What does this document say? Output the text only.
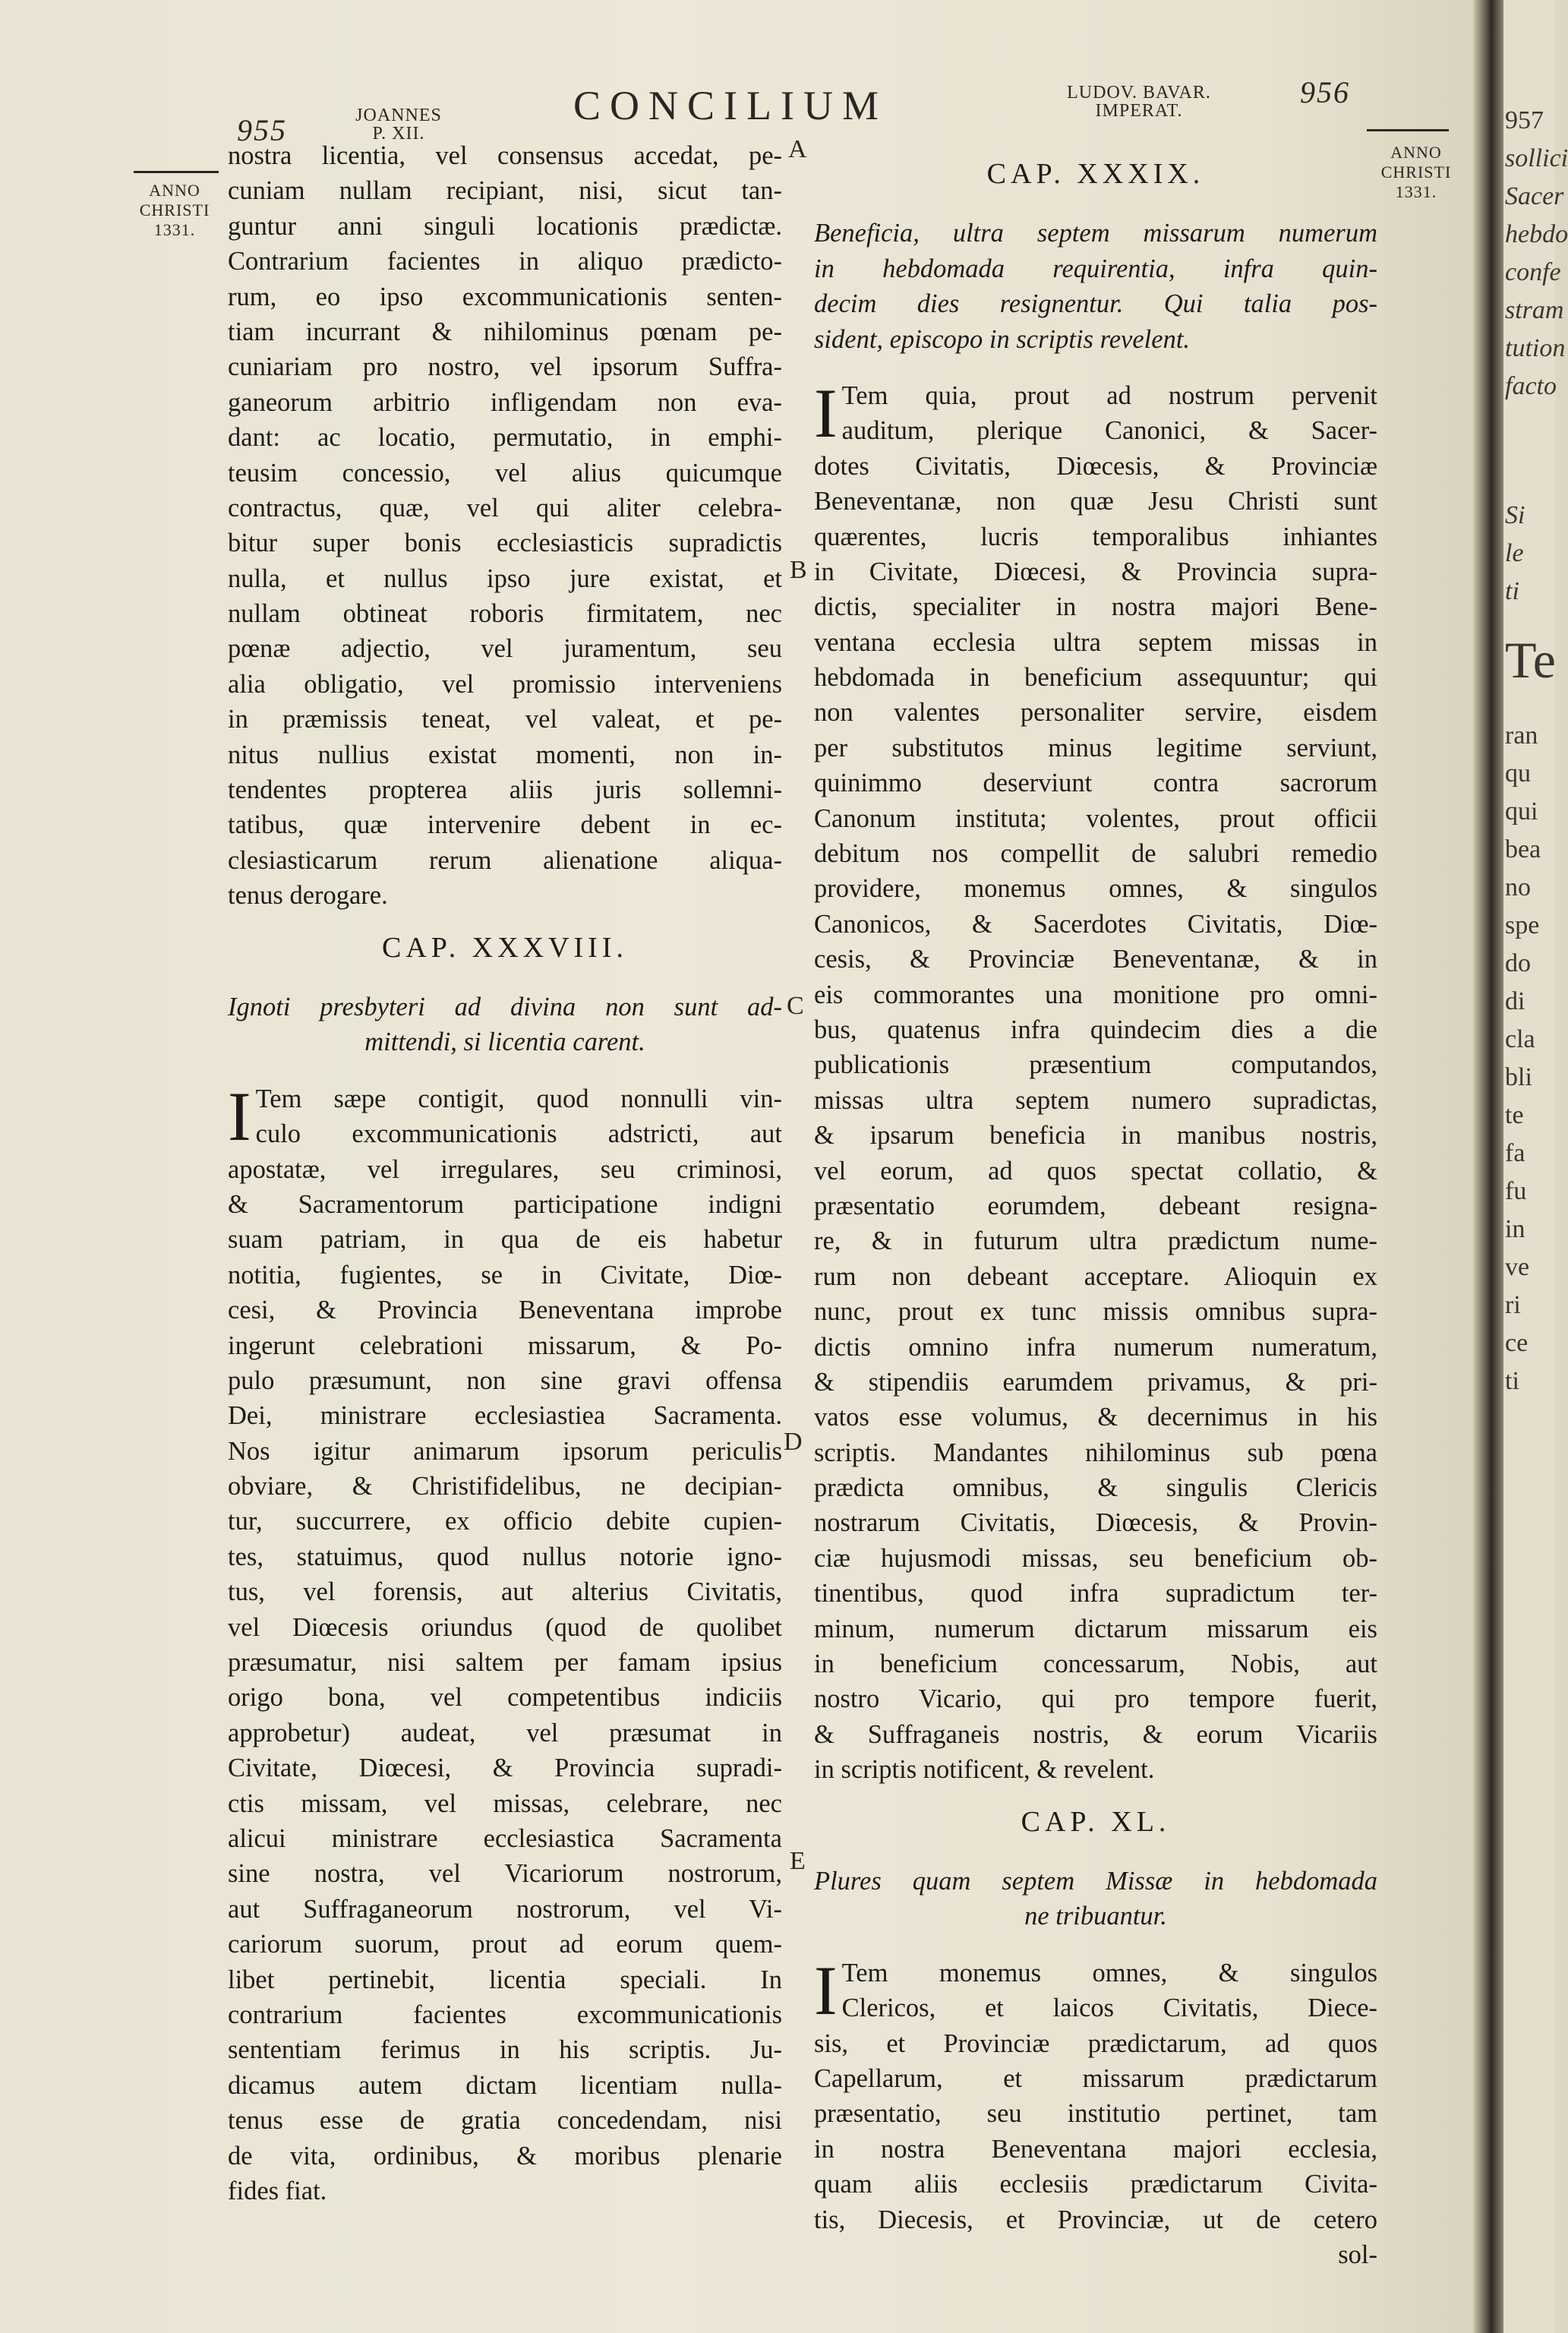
955	JOANNES
P. XII.
CONCILIUM	LUDOV. BAVAR.
IMPERAT.
956
ANNO
CHRISTI
1331.
ANNO
CHRISTI
1331.
A
B
C
D
E
nostra licentia, vel consensus accedat, pe-
cuniam nullam recipiant, nisi, sicut tan-
guntur anni singuli locationis prædictæ.
Contrarium facientes in aliquo prædicto-
rum, eo ipso excommunicationis senten-
tiam incurrant & nihilominus pœnam pe-
cuniariam pro nostro, vel ipsorum Suffra-
ganeorum arbitrio infligendam non eva-
dant: ac locatio, permutatio, in emphi-
teusim concessio, vel alius quicumque
contractus, quæ, vel qui aliter celebra-
bitur super bonis ecclesiasticis supradictis
nulla, et nullus ipso jure existat, et
nullam obtineat roboris firmitatem, nec
pœnæ adjectio, vel juramentum, seu
alia obligatio, vel promissio interveniens
in præmissis teneat, vel valeat, et pe-
nitus nullius existat momenti, non in-
tendentes propterea aliis juris sollemni-
tatibus, quæ intervenire debent in ec-
clesiasticarum rerum alienatione aliqua-
tenus derogare.
CAP. XXXVIII.
Ignoti presbyteri ad divina non sunt ad-
mittendi, si licentia carent.
I Tem sæpe contigit, quod nonnulli vin-
culo excommunicationis adstricti, aut
apostatæ, vel irregulares, seu criminosi,
& Sacramentorum participatione indigni
suam patriam, in qua de eis habetur
notitia, fugientes, se in Civitate, Diœ-
cesi, & Provincia Beneventana improbe
ingerunt celebrationi missarum, & Po-
pulo præsumunt, non sine gravi offensa
Dei, ministrare ecclesiastiea Sacramenta.
Nos igitur animarum ipsorum periculis
obviare, & Christifidelibus, ne decipian-
tur, succurrere, ex officio debite cupien-
tes, statuimus, quod nullus notorie igno-
tus, vel forensis, aut alterius Civitatis,
vel Diœcesis oriundus (quod de quolibet
præsumatur, nisi saltem per famam ipsius
origo bona, vel competentibus indiciis
approbetur) audeat, vel præsumat in
Civitate, Diœcesi, & Provincia supradi-
ctis missam, vel missas, celebrare, nec
alicui ministrare ecclesiastica Sacramenta
sine nostra, vel Vicariorum nostrorum,
aut Suffraganeorum nostrorum, vel Vi-
cariorum suorum, prout ad eorum quem-
libet pertinebit, licentia speciali. In
contrarium facientes excommunicationis
sententiam ferimus in his scriptis. Ju-
dicamus autem dictam licentiam nulla-
tenus esse de gratia concedendam, nisi
de vita, ordinibus, & moribus plenarie
fides fiat.
CAP. XXXIX.
Beneficia, ultra septem missarum numerum
in hebdomada requirentia, infra quin-
decim dies resignentur. Qui talia pos-
sident, episcopo in scriptis revelent.
I Tem quia, prout ad nostrum pervenit
auditum, plerique Canonici, & Sacer-
dotes Civitatis, Diœcesis, & Provinciæ
Beneventanæ, non quæ Jesu Christi sunt
quærentes, lucris temporalibus inhiantes
in Civitate, Diœcesi, & Provincia supra-
dictis, specialiter in nostra majori Bene-
ventana ecclesia ultra septem missas in
hebdomada in beneficium assequuntur; qui
non valentes personaliter servire, eisdem
per substitutos minus legitime serviunt,
quinimmo deserviunt contra sacrorum
Canonum instituta; volentes, prout officii
debitum nos compellit de salubri remedio
providere, monemus omnes, & singulos
Canonicos, & Sacerdotes Civitatis, Diœ-
cesis, & Provinciæ Beneventanæ, & in
eis commorantes una monitione pro omni-
bus, quatenus infra quindecim dies a die
publicationis præsentium computandos,
missas ultra septem numero supradictas,
& ipsarum beneficia in manibus nostris,
vel eorum, ad quos spectat collatio, &
præsentatio eorumdem, debeant resigna-
re, & in futurum ultra prædictum nume-
rum non debeant acceptare. Alioquin ex
nunc, prout ex tunc missis omnibus supra-
dictis omnino infra numerum numeratum,
& stipendiis earumdem privamus, & pri-
vatos esse volumus, & decernimus in his
scriptis. Mandantes nihilominus sub pœna
prædicta omnibus, & singulis Clericis
nostrarum Civitatis, Diœcesis, & Provin-
ciæ hujusmodi missas, seu beneficium ob-
tinentibus, quod infra supradictum ter-
minum, numerum dictarum missarum eis
in beneficium concessarum, Nobis, aut
nostro Vicario, qui pro tempore fuerit,
& Suffraganeis nostris, & eorum Vicariis
in scriptis notificent, & revelent.
CAP. XL.
Plures quam septem Missæ in hebdomada
ne tribuantur.
I Tem monemus omnes, & singulos
Clericos, et laicos Civitatis, Diece-
sis, et Provinciæ prædictarum, ad quos
Capellarum, et missarum prædictarum
præsentatio, seu institutio pertinet, tam
in nostra Beneventana majori ecclesia,
quam aliis ecclesiis prædictarum Civita-
tis, Diecesis, et Provinciæ, ut de cetero
sol-
957
sollici
Sacer
hebdo
confe
stram
tution
facto
Si
le
ti
Te
ran
qu
qui
bea
no
spe
do
di
cla
bli
te
fa
fu
in
ve
ri
ce
ti
